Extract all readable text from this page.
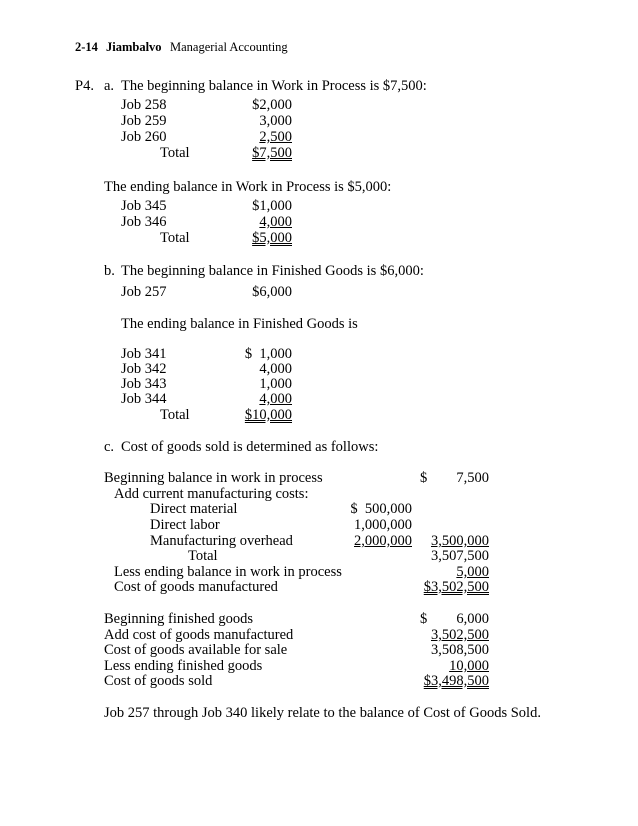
2-14 Jiambalvo Managerial Accounting
P4. a. The beginning balance in Work in Process is $7,500:
Job 258	$2,000
Job 259	3,000
Job 260	2,500
Total	$7,500
The ending balance in Work in Process is $5,000:
Job 345	$1,000
Job 346	4,000
Total	$5,000
b. The beginning balance in Finished Goods is $6,000:
Job 257	$6,000
The ending balance in Finished Goods is
Job 341	$  1,000
Job 342	4,000
Job 343	1,000
Job 344	4,000
Total	$10,000
c. Cost of goods sold is determined as follows:
Beginning balance in work in process	$ 7,500
Add current manufacturing costs:
Direct material	$  500,000
Direct labor	1,000,000
Manufacturing overhead	2,000,000 3,500,000
Total	3,507,500
Less ending balance in work in process	5,000
Cost of goods manufactured	$3,502,500
Beginning finished goods	$ 6,000
Add cost of goods manufactured	3,502,500
Cost of goods available for sale	3,508,500
Less ending finished goods	10,000
Cost of goods sold	$3,498,500
Job 257 through Job 340 likely relate to the balance of Cost of Goods Sold.
